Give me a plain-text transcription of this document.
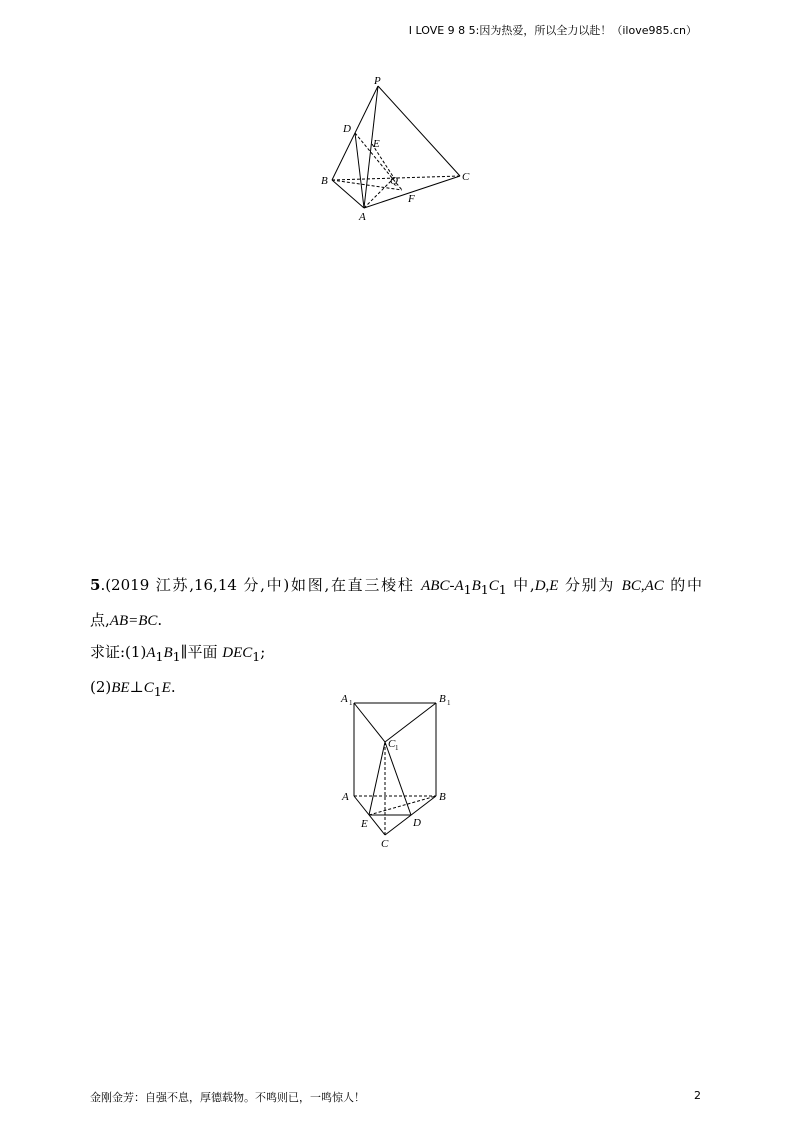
I LOVE 9 8 5:因为热爱，所以全力以赴！（ilove985.cn）
P
D
E
B	Q	C
F
A
5.(2019 江苏,16,14 分,中)如图,在直三棱柱 ABC-$A_1B_1C_1$ 中,D,E 分别为 BC,AC 的中
点,AB=BC.
求证$:(1)A_1B_1\parallel$平面 $DEC_1$;
$(2)BE\perp C_1E$.
A 1	B 1
C 1
A	B
E	D
C
金刚金芳：自强不息，厚德载物。不鸣则已，一鸣惊人！	2
